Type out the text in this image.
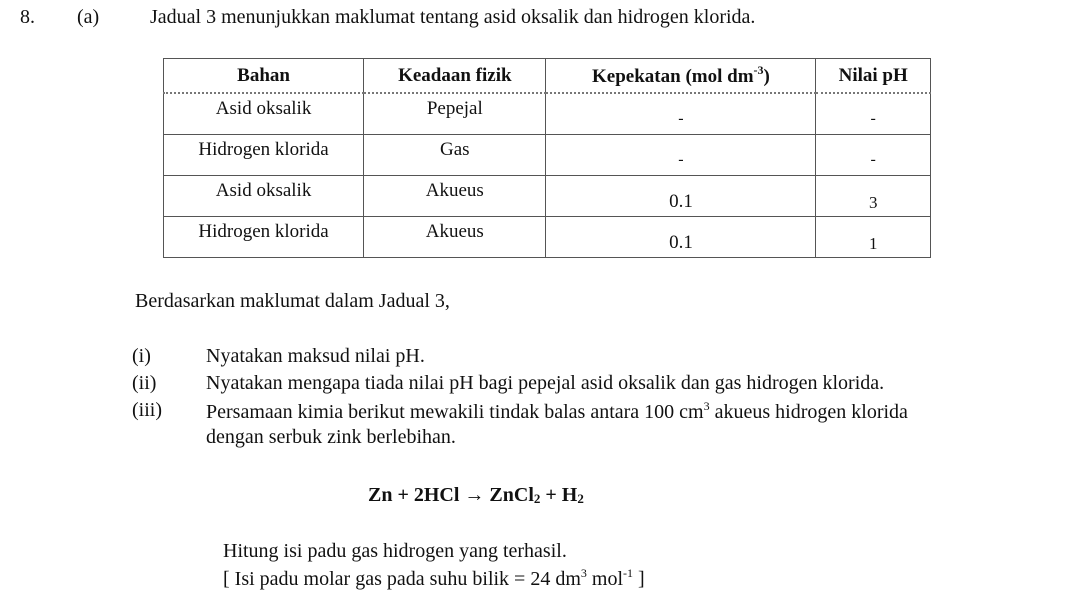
8. (a)	Jadual 3 menunjukkan maklumat tentang asid oksalik dan hidrogen klorida.
Bahan	Keadaan fizik	Kepekatan (mol $dm^{-3}$)	Nilai pH

Asid oksalik	Pepejal	-	-

Hidrogen klorida	Gas	-	-

Asid oksalik	Akueus	0.1	3

Hidrogen klorida	Akueus	0.1	1
Berdasarkan maklumat dalam Jadual 3,
(i)	Nyatakan maksud nilai pH.
(ii) Nyatakan mengapa tiada nilai pH bagi pepejal asid oksalik dan gas hidrogen klorida.
(iii) Persamaan kimia berikut mewakili tindak balas antara 100 $cm^3$ akueus hidrogen klorida
dengan serbuk zink berlebihan.
Zn + 2HCl → ZnCl2 + H2
Hitung isi padu gas hidrogen yang terhasil.
[ Isi padu molar gas pada suhu bilik = 24 $dm^3$ mol$^{-1}$ ]
